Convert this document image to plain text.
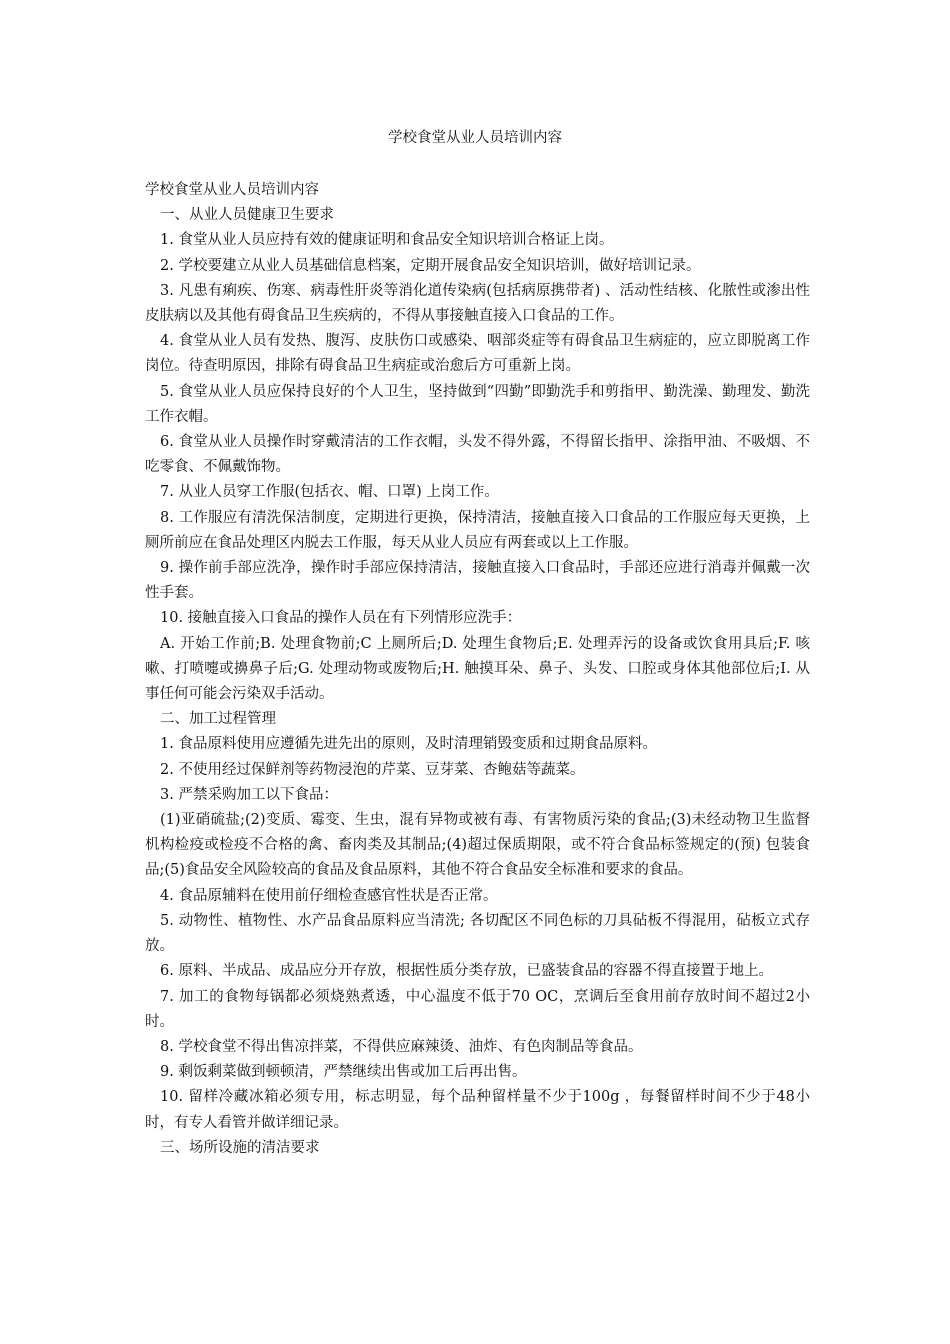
学校食堂从业人员培训内容

学校食堂从业人员培训内容

一、从业人员健康卫生要求

1. 食堂从业人员应持有效的健康证明和食品安全知识培训合格证上岗。

2. 学校要建立从业人员基础信息档案，定期开展食品安全知识培训，做好培训记录。

3. 凡患有痢疾、伤寒、病毒性肝炎等消化道传染病(包括病原携带者) 、活动性结核、化脓性或渗出性皮肤病以及其他有碍食品卫生疾病的，不得从事接触直接入口食品的工作。

4. 食堂从业人员有发热、腹泻、皮肤伤口或感染、咽部炎症等有碍食品卫生病症的，应立即脱离工作岗位。待查明原因，排除有碍食品卫生病症或治愈后方可重新上岗。

5. 食堂从业人员应保持良好的个人卫生，坚持做到“四勤”即勤洗手和剪指甲、勤洗澡、勤理发、勤洗工作衣帽。

6. 食堂从业人员操作时穿戴清洁的工作衣帽，头发不得外露，不得留长指甲、涂指甲油、不吸烟、不吃零食、不佩戴饰物。

7. 从业人员穿工作服(包括衣、帽、口罩) 上岗工作。

8. 工作服应有清洗保洁制度，定期进行更换，保持清洁，接触直接入口食品的工作服应每天更换，上厕所前应在食品处理区内脱去工作服，每天从业人员应有两套或以上工作服。

9. 操作前手部应洗净，操作时手部应保持清洁，接触直接入口食品时，手部还应进行消毒并佩戴一次性手套。

10. 接触直接入口食品的操作人员在有下列情形应洗手：

A. 开始工作前;B. 处理食物前;C 上厕所后;D. 处理生食物后;E. 处理弄污的设备或饮食用具后;F. 咳嗽、打喷嚏或擤鼻子后;G. 处理动物或废物后;H. 触摸耳朵、鼻子、头发、口腔或身体其他部位后;I. 从事任何可能会污染双手活动。

二、加工过程管理

1. 食品原料使用应遵循先进先出的原则，及时清理销毁变质和过期食品原料。

2. 不使用经过保鲜剂等药物浸泡的芹菜、豆芽菜、杏鲍菇等蔬菜。

3. 严禁采购加工以下食品：

(1)亚硝硫盐;(2)变质、霉变、生虫，混有异物或被有毒、有害物质污染的食品;(3)未经动物卫生监督机构检疫或检疫不合格的禽、畜肉类及其制品;(4)超过保质期限，或不符合食品标签规定的(预) 包装食品;(5)食品安全风险较高的食品及食品原料，其他不符合食品安全标准和要求的食品。

4. 食品原辅料在使用前仔细检查感官性状是否正常。

5. 动物性、植物性、水产品食品原料应当清洗; 各切配区不同色标的刀具砧板不得混用，砧板立式存放。

6. 原料、半成品、成品应分开存放，根据性质分类存放，已盛装食品的容器不得直接置于地上。

7. 加工的食物每锅都必须烧熟煮透，中心温度不低于70 OC，烹调后至食用前存放时间不超过2小时。

8. 学校食堂不得出售凉拌菜，不得供应麻辣烫、油炸、有色肉制品等食品。

9. 剩饭剩菜做到顿顿清，严禁继续出售或加工后再出售。

10. 留样冷藏冰箱必须专用，标志明显，每个品种留样量不少于100g ，每餐留样时间不少于48小时，有专人看管并做详细记录。

三、场所设施的清洁要求
